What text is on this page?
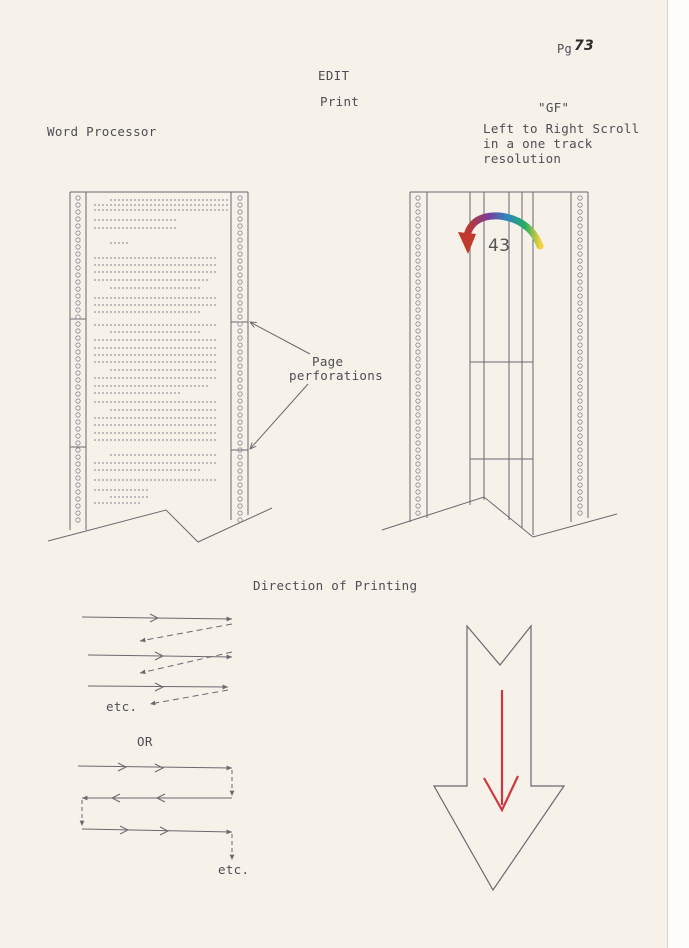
Pg 73
EDIT
Print
Word Processor
"GF"
Left to Right Scroll
in a one track
resolution
Page
perforations
Direction of Printing
etc.
OR
etc.
43
